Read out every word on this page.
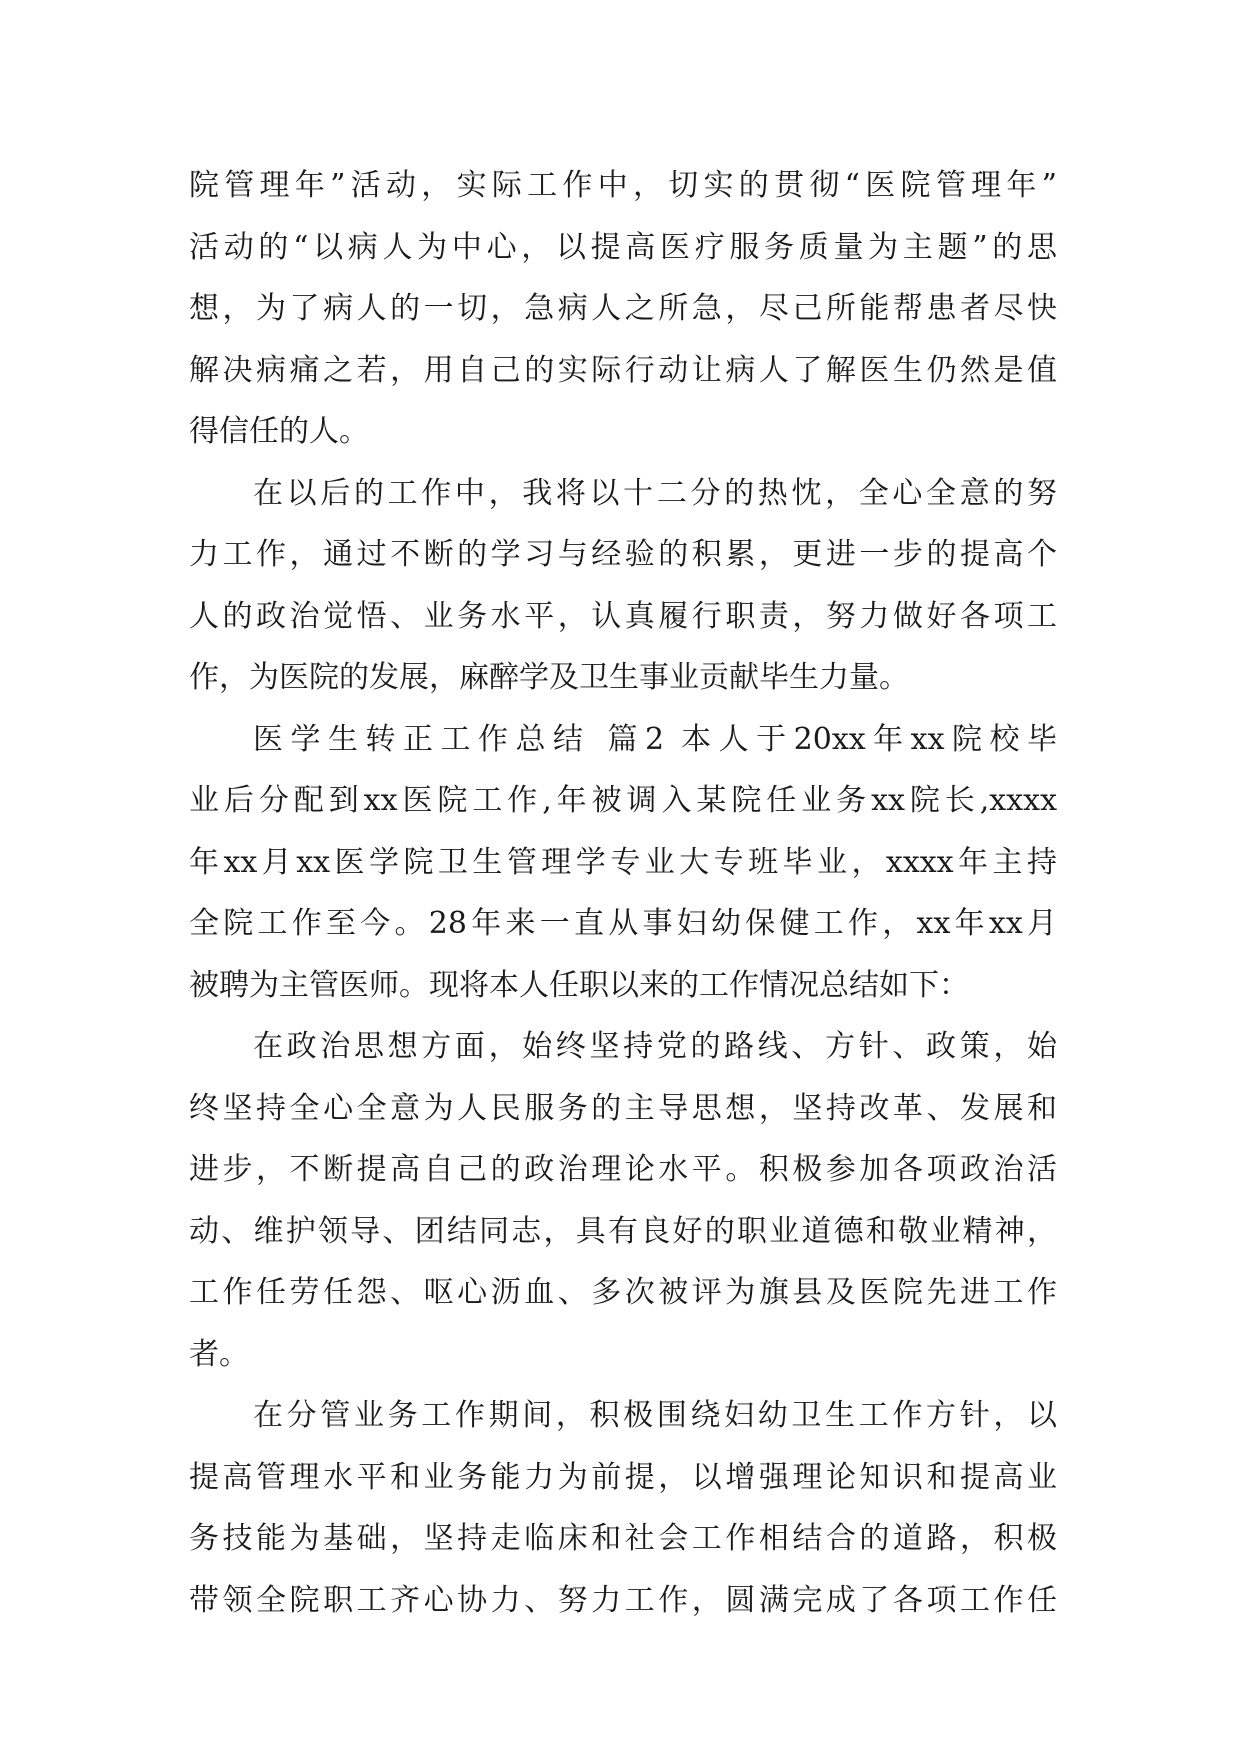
院管理年”活动，实际工作中，切实的贯彻“医院管理年”
活动的“以病人为中心，以提高医疗服务质量为主题”的思
想，为了病人的一切，急病人之所急，尽己所能帮患者尽快
解决病痛之若，用自己的实际行动让病人了解医生仍然是值
得信任的人。
在以后的工作中，我将以十二分的热忱，全心全意的努
力工作，通过不断的学习与经验的积累，更进一步的提高个
人的政治觉悟、业务水平，认真履行职责，努力做好各项工
作，为医院的发展，麻醉学及卫生事业贡献毕生力量。
医学生转正工作总结 篇2 本人于20xx年xx院校毕
业后分配到xx医院工作,年被调入某院任业务xx院长,xxxx
年xx月xx医学院卫生管理学专业大专班毕业，xxxx年主持
全院工作至今。28年来一直从事妇幼保健工作，xx年xx月
被聘为主管医师。现将本人任职以来的工作情况总结如下：
在政治思想方面，始终坚持党的路线、方针、政策，始
终坚持全心全意为人民服务的主导思想，坚持改革、发展和
进步，不断提高自己的政治理论水平。积极参加各项政治活
动、维护领导、团结同志，具有良好的职业道德和敬业精神，
工作任劳任怨、呕心沥血、多次被评为旗县及医院先进工作
者。
在分管业务工作期间，积极围绕妇幼卫生工作方针，以
提高管理水平和业务能力为前提，以增强理论知识和提高业
务技能为基础，坚持走临床和社会工作相结合的道路，积极
带领全院职工齐心协力、努力工作，圆满完成了各项工作任
